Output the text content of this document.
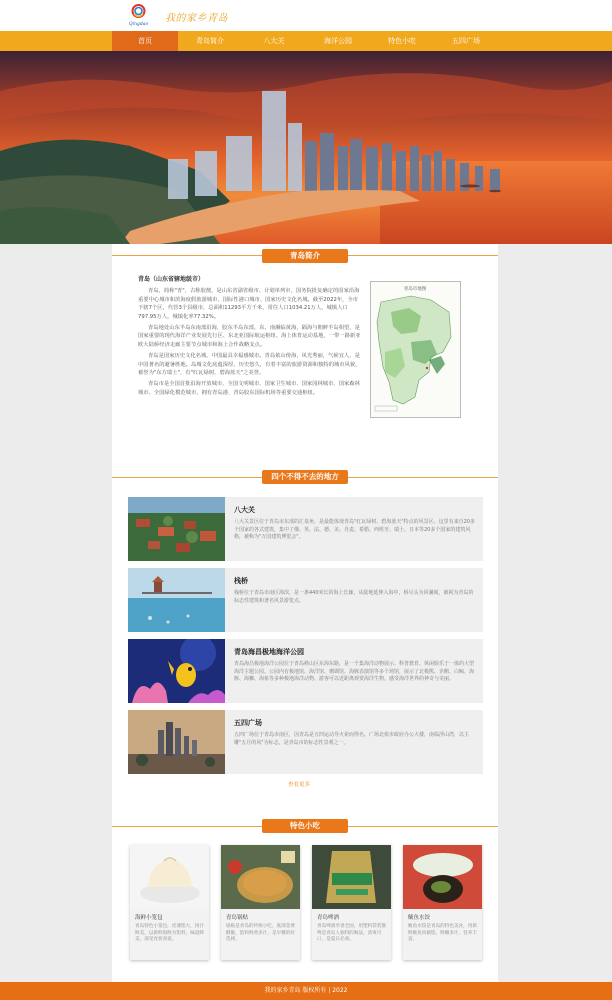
Qingdao
我的家乡青岛
首页	青岛简介	八大关	海洋公园	特色小吃	五四广场
青岛简介

青岛（山东省辖地级市）

青岛，简称"青"，古称胶澳，是山东省副省级市、计划单列市，国务院批复确定的国家沿海重要中心城市和滨海度假旅游城市、国际性港口城市、国家历史文化名城。截至2022年，全市下辖7个区，代管3个县级市，总面积11293平方千米，常住人口1034.21万人，城镇人口797.95万人，城镇化率77.32%。

青岛地处山东半岛东南部沿海，胶东半岛东部，东、南濒临黄海，隔海与朝鲜半岛相望，是国家重要的现代海洋产业发展先行区、东北亚国际航运枢纽、海上体育运动基地，一带一路新亚欧大陆桥经济走廊主要节点城市和海上合作战略支点。

青岛是国家历史文化名城，中国最具幸福感城市。青岛依山傍海，风光秀丽，气候宜人，是中国著名的避暑胜地。岛城文化底蕴深厚，历史悠久，有着丰富的旅游资源和独特的城市风貌，被誉为"东方瑞士"，有"红瓦绿树，碧海蓝天"之美誉。

青岛市是全国首批沿海开放城市、全国文明城市、国家卫生城市、国家园林城市、国家森林城市、全国绿化模范城市，拥有青岛港、青岛胶东国际机场等重要交通枢纽。

青岛市地图
四个不得不去的地方
八大关
八大关景区位于青岛市东部的汇泉角，是最能体现青岛"红瓦绿树、碧海蓝天"特点的风景区。这里有来自20多个国家的各式建筑，集中了俄、英、法、德、美、丹麦、希腊、西班牙、瑞士、日本等20多个国家的建筑风格，被称为"万国建筑博览会"。
栈桥
栈桥位于青岛市南区海滨，是一条440米长的海上长廊，从陆地延伸入海中，桥尽头为回澜阁，被视为青岛的标志性建筑和著名风景游览点。
青岛海昌极地海洋公园
青岛海昌极地海洋公园位于青岛崂山区东海东路，是一个集海洋动物展示、科普教育、休闲娱乐于一体的大型海洋主题公园。公园内有极地馆、海洋馆、珊瑚馆、海豚表演馆等多个场馆，展示了北极熊、企鹅、白鲸、海豚、海狮、海象等多种极地海洋动物。游客可以近距离观赏海洋生物，感受海洋世界的神奇与美丽。
五四广场
五四广场位于青岛市南区，因青岛是五四运动导火索而得名。广场北依市政府办公大楼，南临浮山湾，以主雕"五月的风"为标志，是青岛市的标志性景观之一。
查看更多
特色小吃
海鲜小笼包
青岛特色小笼包，皮薄馅大，汤汁鲜美，以新鲜海鲜为馅料，味道鲜美，深受食客喜爱。
青岛锅贴
锅贴是青岛的传统小吃，底部金黄酥脆，馅料鲜香多汁，是早餐的好选择。
青岛啤酒
青岛啤酒享誉全国，用塑料袋装散啤是青岛人独特的喝法，清爽可口，是夏日必备。
鲅鱼水饺
鲅鱼水饺是青岛的特色美食，用新鲜鲅鱼肉做馅，鲜嫩多汁，营养丰富。
我的家乡青岛 版权所有 | 2022
